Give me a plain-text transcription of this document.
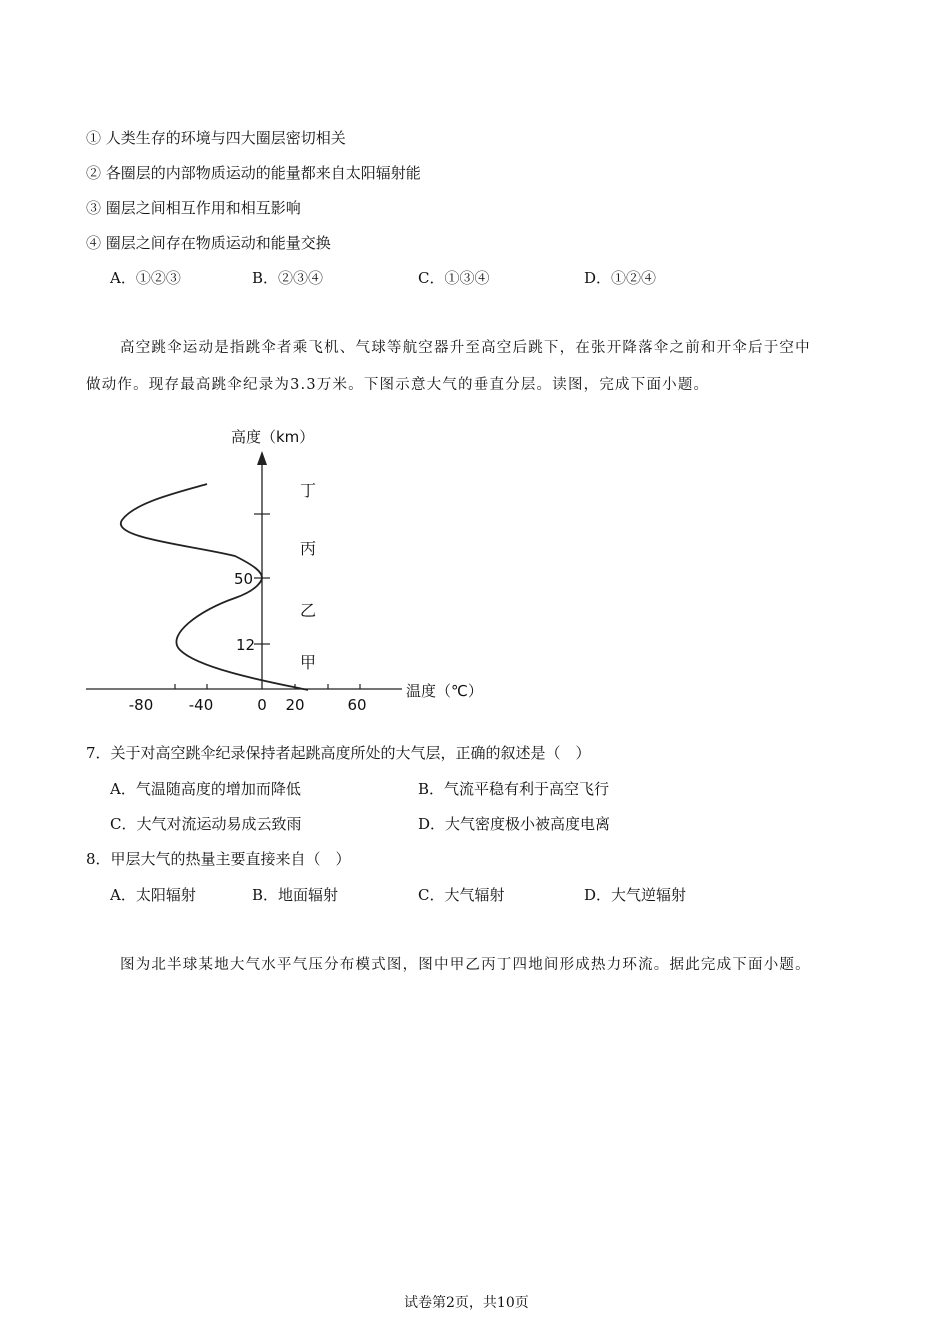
① 人类生存的环境与四大圈层密切相关
② 各圈层的内部物质运动的能量都来自太阳辐射能
③ 圈层之间相互作用和相互影响
④ 圈层之间存在物质运动和能量交换
A．①②③	B．②③④	C．①③④	D．①②④
高空跳伞运动是指跳伞者乘飞机、气球等航空器升至高空后跳下，在张开降落伞之前和开伞后于空中
做动作。现存最高跳伞纪录为3.3万米。下图示意大气的垂直分层。读图，完成下面小题。
高度（km）
温度（℃）
-80 -40	0 20	60
50
12
丁
丙
乙
甲
7．关于对高空跳伞纪录保持者起跳高度所处的大气层，正确的叙述是（　）
A．气温随高度的增加而降低	B．气流平稳有利于高空飞行
C．大气对流运动易成云致雨	D．大气密度极小被高度电离
8．甲层大气的热量主要直接来自（　）
A．太阳辐射	B．地面辐射	C．大气辐射	D．大气逆辐射
图为北半球某地大气水平气压分布模式图，图中甲乙丙丁四地间形成热力环流。据此完成下面小题。
试卷第2页，共10页
